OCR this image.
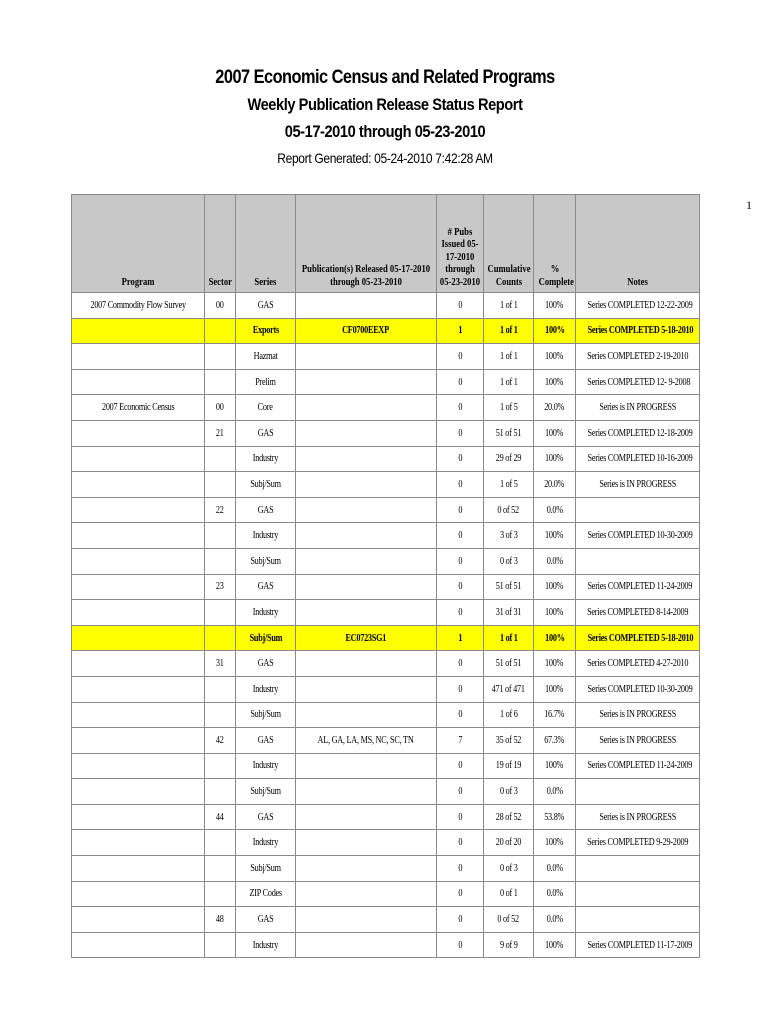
2007 Economic Census and Related Programs
Weekly Publication Release Status Report
05-17-2010 through 05-23-2010
Report Generated: 05-24-2010 7:42:28 AM
1
Program	Sector	Series	Publication(s) Released 05-17-2010 through 05-23-2010	# Pubs Issued 05-17-2010 through 05-23-2010	Cumulative Counts	% Complete	Notes
2007 Commodity Flow Survey	00	GAS		0	1 of 1	100%	Series COMPLETED 12-22-2009
		Exports	CF0700EEXP	1	1 of 1	100%	Series COMPLETED 5-18-2010
		Hazmat		0	1 of 1	100%	Series COMPLETED 2-19-2010
		Prelim		0	1 of 1	100%	Series COMPLETED 12- 9-2008
2007 Economic Census	00	Core		0	1 of 5	20.0%	Series is IN PROGRESS
	21	GAS		0	51 of 51	100%	Series COMPLETED 12-18-2009
		Industry		0	29 of 29	100%	Series COMPLETED 10-16-2009
		Subj/Sum		0	1 of 5	20.0%	Series is IN PROGRESS
	22	GAS		0	0 of 52	0.0%	
		Industry		0	3 of 3	100%	Series COMPLETED 10-30-2009
		Subj/Sum		0	0 of 3	0.0%	
	23	GAS		0	51 of 51	100%	Series COMPLETED 11-24-2009
		Industry		0	31 of 31	100%	Series COMPLETED 8-14-2009
		Subj/Sum	EC0723SG1	1	1 of 1	100%	Series COMPLETED 5-18-2010
	31	GAS		0	51 of 51	100%	Series COMPLETED 4-27-2010
		Industry		0	471 of 471	100%	Series COMPLETED 10-30-2009
		Subj/Sum		0	1 of 6	16.7%	Series is IN PROGRESS
	42	GAS	AL, GA, LA, MS, NC, SC, TN	7	35 of 52	67.3%	Series is IN PROGRESS
		Industry		0	19 of 19	100%	Series COMPLETED 11-24-2009
		Subj/Sum		0	0 of 3	0.0%	
	44	GAS		0	28 of 52	53.8%	Series is IN PROGRESS
		Industry		0	20 of 20	100%	Series COMPLETED 9-29-2009
		Subj/Sum		0	0 of 3	0.0%	
		ZIP Codes		0	0 of 1	0.0%	
	48	GAS		0	0 of 52	0.0%	
		Industry		0	9 of 9	100%	Series COMPLETED 11-17-2009
